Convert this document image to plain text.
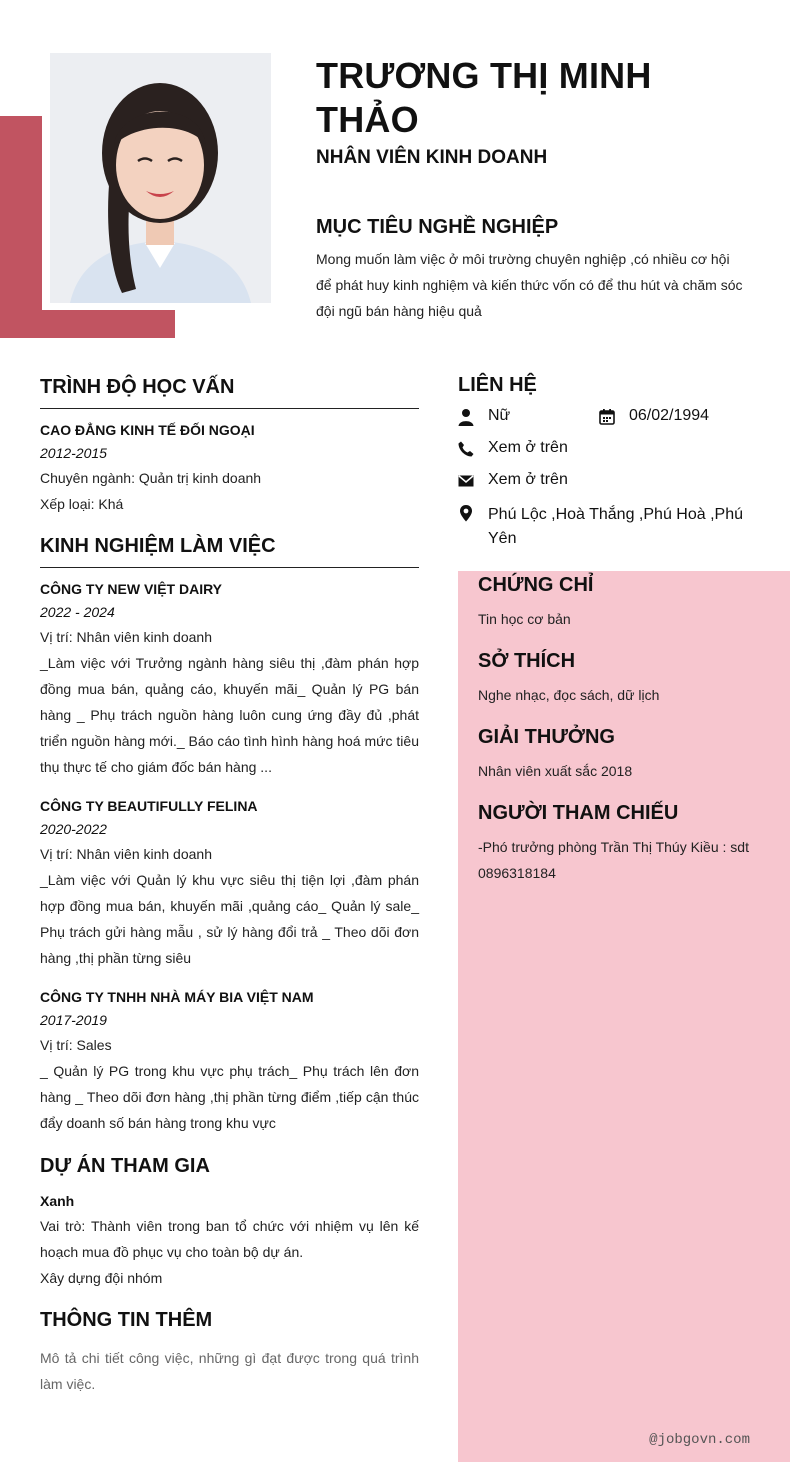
TRƯƠNG THỊ MINH THẢO
NHÂN VIÊN KINH DOANH
MỤC TIÊU NGHỀ NGHIỆP
Mong muốn làm việc ở môi trường chuyên nghiệp ,có nhiều cơ hội để phát huy kinh nghiệm và kiến thức vốn có để thu hút và chăm sóc đội ngũ bán hàng hiệu quả
TRÌNH ĐỘ HỌC VẤN
CAO ĐẲNG KINH TẾ ĐỐI NGOẠI
2012-2015
Chuyên ngành: Quản trị kinh doanh
Xếp loại: Khá
KINH NGHIỆM LÀM VIỆC
CÔNG TY NEW VIỆT DAIRY
2022 - 2024
Vị trí: Nhân viên kinh doanh
_Làm việc với Trưởng ngành hàng siêu thị ,đàm phán hợp đồng mua bán, quảng cáo, khuyến mãi_ Quản lý PG bán hàng _ Phụ trách nguồn hàng luôn cung ứng đầy đủ ,phát triển nguồn hàng mới._ Báo cáo tình hình hàng hoá mức tiêu thụ thực tế cho giám đốc bán hàng ...
CÔNG TY BEAUTIFULLY FELINA
2020-2022
Vị trí: Nhân viên kinh doanh
_Làm việc với Quản lý khu vực siêu thị tiện lợi ,đàm phán hợp đồng mua bán, khuyến mãi ,quảng cáo_ Quản lý sale_ Phụ trách gửi hàng mẫu , sử lý hàng đổi trả _ Theo dõi đơn hàng ,thị phần từng siêu
CÔNG TY TNHH NHÀ MÁY BIA VIỆT NAM
2017-2019
Vị trí: Sales
_ Quản lý PG trong khu vực phụ trách_ Phụ trách lên đơn hàng _ Theo dõi đơn hàng ,thị phần từng điểm ,tiếp cận thúc đẩy doanh số bán hàng trong khu vực
DỰ ÁN THAM GIA
Xanh
Vai trò: Thành viên trong ban tổ chức với nhiệm vụ lên kế hoạch mua đồ phục vụ cho toàn bộ dự án.
Xây dựng đội nhóm
THÔNG TIN THÊM
Mô tả chi tiết công việc, những gì đạt được trong quá trình làm việc.
LIÊN HỆ
Nữ	06/02/1994
Xem ở trên
Xem ở trên
Phú Lộc ,Hoà Thắng ,Phú Hoà ,Phú Yên
CHỨNG CHỈ
Tin học cơ bản
SỞ THÍCH
Nghe nhạc, đọc sách, dữ lịch
GIẢI THƯỞNG
Nhân viên xuất sắc 2018
NGƯỜI THAM CHIẾU
-Phó trưởng phòng Trần Thị Thúy Kiều : sdt 0896318184
@jobgovn.com
